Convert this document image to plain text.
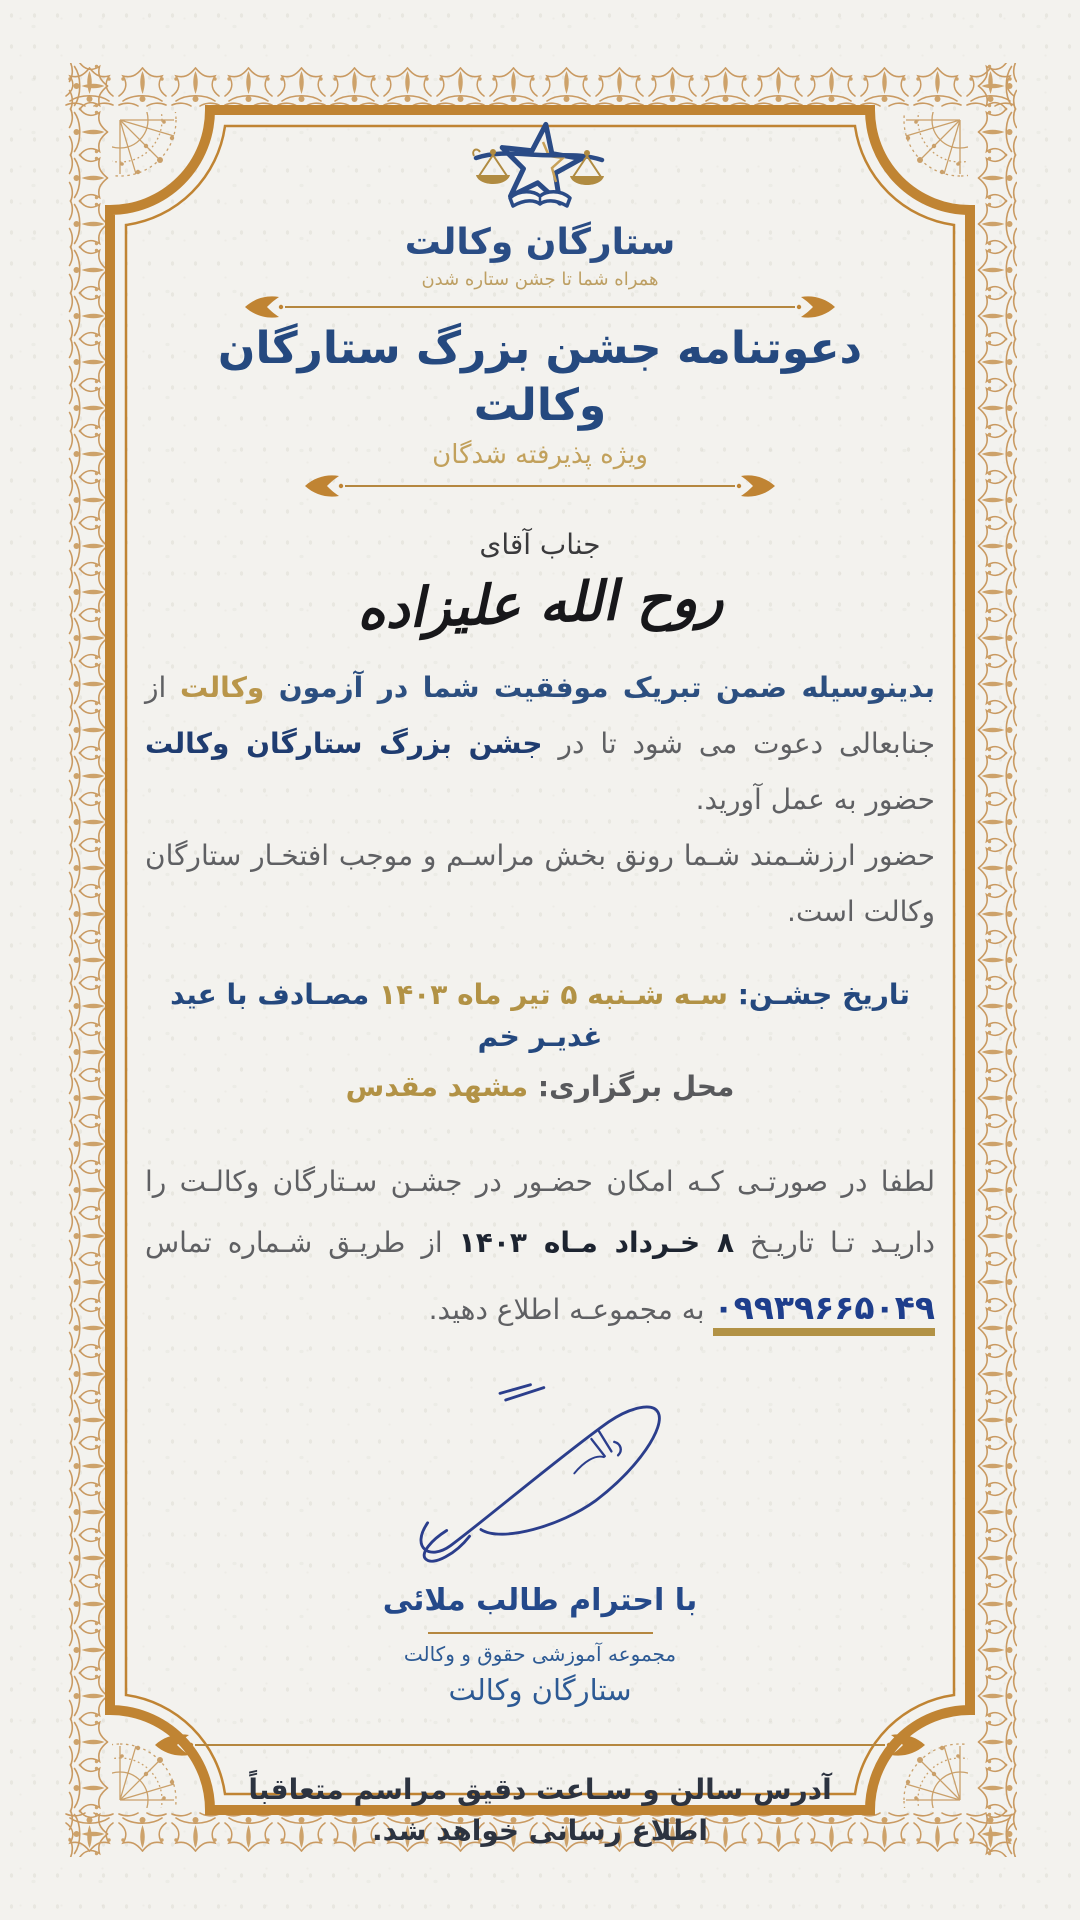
ستارگان وکالت
همراه شما تا جشن ستاره شدن
دعوتنامه جشن بزرگ ستارگان وکالت
ویژه پذیرفته شدگان
جناب آقای
روح الله علیزاده
بدینوسیله ضمن تبریک موفقیت شما در آزمون وکالت از جنابعالی دعوت می شود تا در جشن بزرگ ستارگان وکالت حضور به عمل آورید.
حضور ارزشـمند شـما رونق بخش مراسـم و موجب افتخـار ستارگان وکالت است.
تاریخ جشـن: سـه شـنبه ۵ تیر ماه ۱۴۰۳ مصـادف با عید غدیـر خم
محل برگزاری: مشهد مقدس
لطفا در صورتـی کـه امکان حضـور در جشـن سـتارگان وکالـت را داریـد تـا تاریـخ ۸ خـرداد مـاه ۱۴۰۳ از طریـق شـماره تماس ۰۹۹۳۹۶۶۵۰۴۹ به مجموعـه اطلاع دهید.
با احترام طالب ملائی
مجموعه آموزشی حقوق و وکالت
ستارگان وکالت
آدرس سالن و سـاعت دقیق مراسم متعاقباً
اطلاع رسانی خواهد شد.
